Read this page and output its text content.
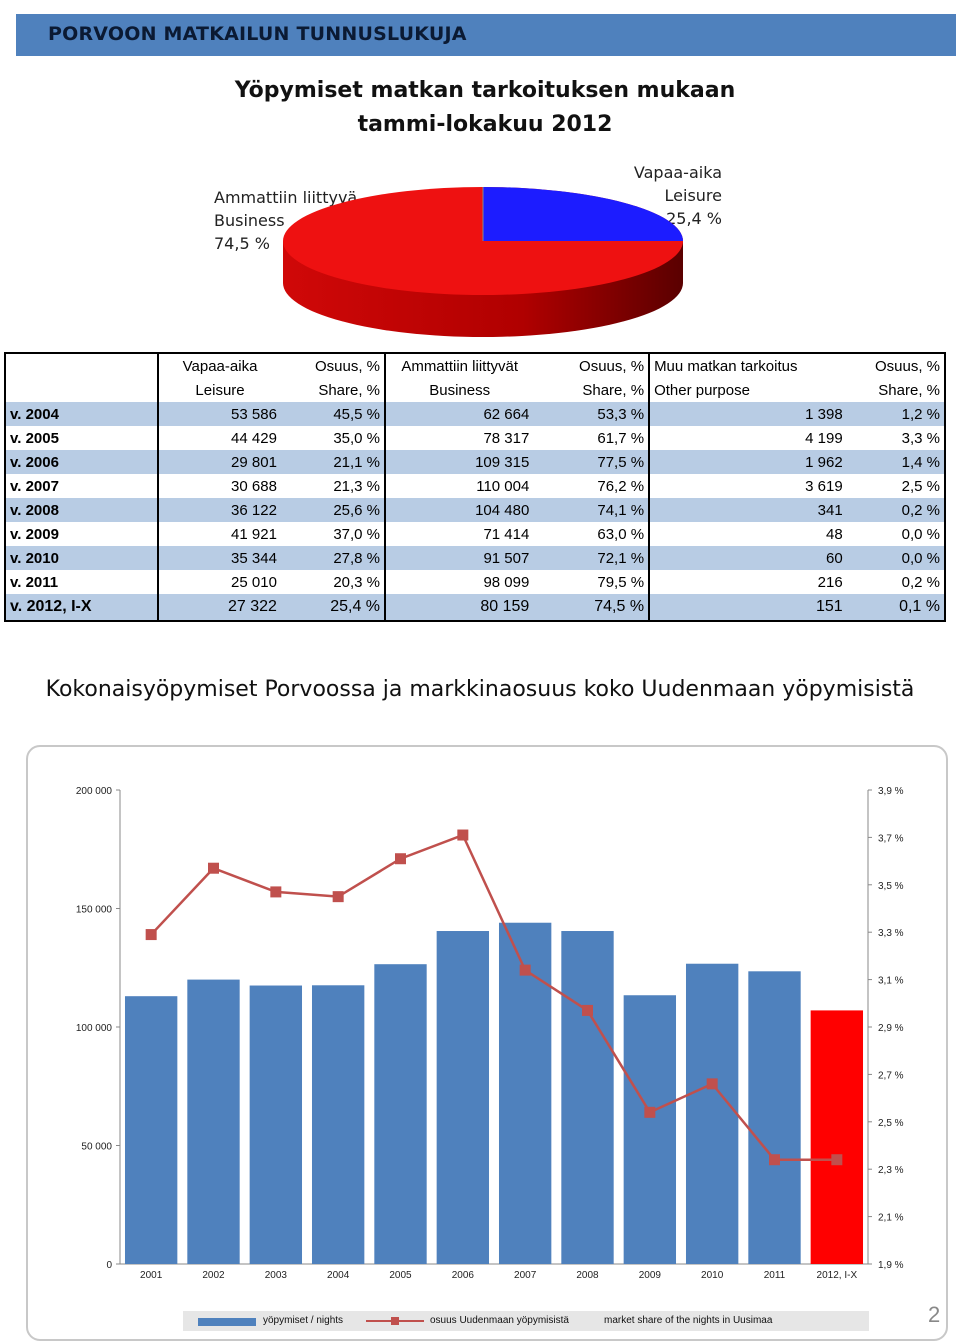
PORVOON MATKAILUN TUNNUSLUKUJA
Yöpymiset matkan tarkoituksen mukaan
tammi-lokakuu 2012
Ammattiin liittyvä
Business
74,5 %
Vapaa-aika
Leisure
25,4 %
	Vapaa-aika	Osuus, %	Ammattiin liittyvät	Osuus, %	Muu matkan tarkoitus	Osuus, %
	Leisure	Share, %	Business	Share, %	Other purpose	Share, %
v. 2004	53 586	45,5 %	62 664	53,3 %	1 398	1,2 %
v. 2005	44 429	35,0 %	78 317	61,7 %	4 199	3,3 %
v. 2006	29 801	21,1 %	109 315	77,5 %	1 962	1,4 %
v. 2007	30 688	21,3 %	110 004	76,2 %	3 619	2,5 %
v. 2008	36 122	25,6 %	104 480	74,1 %	341	0,2 %
v. 2009	41 921	37,0 %	71 414	63,0 %	48	0,0 %
v. 2010	35 344	27,8 %	91 507	72,1 %	60	0,0 %
v. 2011	25 010	20,3 %	98 099	79,5 %	216	0,2 %
v. 2012, I-X	27 322	25,4 %	80 159	74,5 %	151	0,1 %
Kokonaisyöpymiset Porvoossa ja markkinaosuus koko Uudenmaan yöpymisistä
0
50 000
100 000
150 000
200 000
1,9 %
2,1 %
2,3 %
2,5 %
2,7 %
2,9 %
3,1 %
3,3 %
3,5 %
3,7 %
3,9 %
2001	2002	2003	2004	2005	2006	2007	2008	2009	2010	2011	2012, I-X
yöpymiset / nights	osuus Uudenmaan yöpymisistä	market share of the nights in Uusimaa	2
